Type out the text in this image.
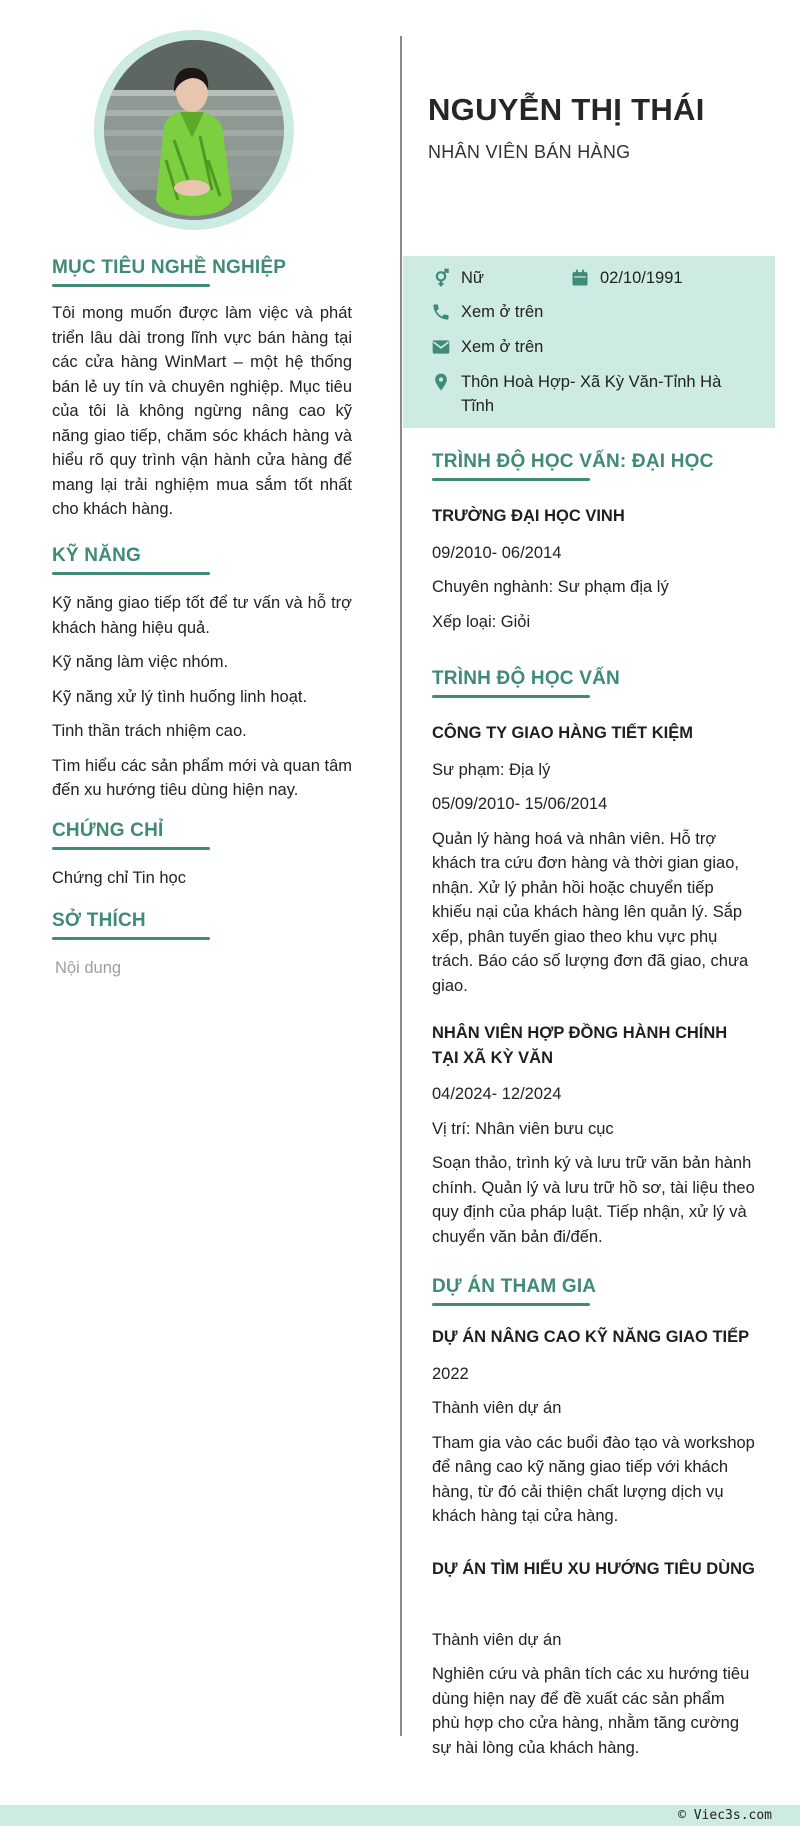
MỤC TIÊU NGHỀ NGHIỆP

Tôi mong muốn được làm việc và phát triển lâu dài trong lĩnh vực bán hàng tại các cửa hàng WinMart – một hệ thống bán lẻ uy tín và chuyên nghiệp. Mục tiêu của tôi là không ngừng nâng cao kỹ năng giao tiếp, chăm sóc khách hàng và hiểu rõ quy trình vận hành cửa hàng để mang lại trải nghiệm mua sắm tốt nhất cho khách hàng.

KỸ NĂNG

Kỹ năng giao tiếp tốt để tư vấn và hỗ trợ khách hàng hiệu quả.

Kỹ năng làm việc nhóm.

Kỹ năng xử lý tình huống linh hoạt.

Tinh thần trách nhiệm cao.

Tìm hiểu các sản phẩm mới và quan tâm đến xu hướng tiêu dùng hiện nay.

CHỨNG CHỈ

Chứng chỉ Tin học

SỞ THÍCH

Nội dung

NGUYỄN THỊ THÁI
NHÂN VIÊN BÁN HÀNG
Nữ	02/10/1991
Xem ở trên
Xem ở trên
Thôn Hoà Hợp- Xã Kỳ Văn-Tỉnh Hà Tĩnh
TRÌNH ĐỘ HỌC VẤN: ĐẠI HỌC
TRƯỜNG ĐẠI HỌC VINH
09/2010- 06/2014
Chuyên nghành: Sư phạm địa lý
Xếp loại: Giỏi
TRÌNH ĐỘ HỌC VẤN
CÔNG TY GIAO HÀNG TIẾT KIỆM
Sư phạm: Địa lý
05/09/2010- 15/06/2014
Quản lý hàng hoá và nhân viên. Hỗ trợ khách tra cứu đơn hàng và thời gian giao, nhận. Xử lý phản hồi hoặc chuyển tiếp khiếu nại của khách hàng lên quản lý. Sắp xếp, phân tuyến giao theo khu vực phụ trách. Báo cáo số lượng đơn đã giao, chưa giao.
NHÂN VIÊN HỢP ĐỒNG HÀNH CHÍNH TẠI XÃ KỲ VĂN
04/2024- 12/2024
Vị trí: Nhân viên bưu cục
Soạn thảo, trình ký và lưu trữ văn bản hành chính. Quản lý và lưu trữ hồ sơ, tài liệu theo quy định của pháp luật. Tiếp nhận, xử lý và chuyển văn bản đi/đến.
DỰ ÁN THAM GIA
DỰ ÁN NÂNG CAO KỸ NĂNG GIAO TIẾP
2022
Thành viên dự án
Tham gia vào các buổi đào tạo và workshop để nâng cao kỹ năng giao tiếp với khách hàng, từ đó cải thiện chất lượng dịch vụ khách hàng tại cửa hàng.
DỰ ÁN TÌM HIỂU XU HƯỚNG TIÊU DÙNG
Thành viên dự án
Nghiên cứu và phân tích các xu hướng tiêu dùng hiện nay để đề xuất các sản phẩm phù hợp cho cửa hàng, nhằm tăng cường sự hài lòng của khách hàng.
© Viec3s.com
